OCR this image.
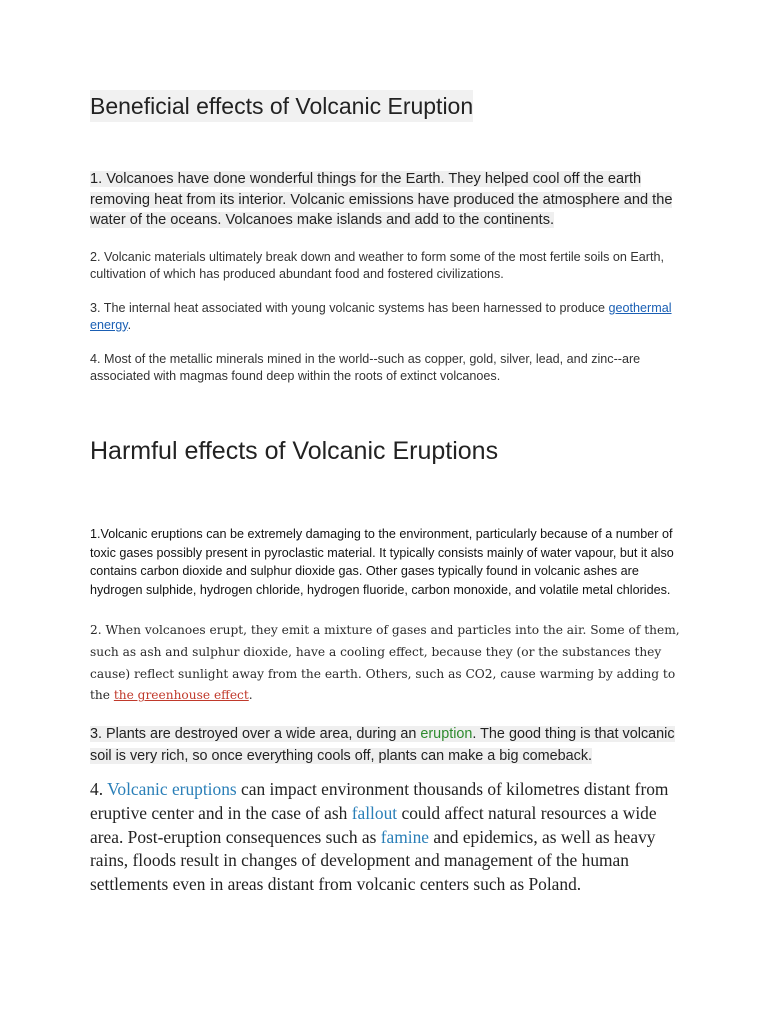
Beneficial effects of Volcanic Eruption

1. Volcanoes have done wonderful things for the Earth. They helped cool off the earth removing heat from its interior. Volcanic emissions have produced the atmosphere and the water of the oceans. Volcanoes make islands and add to the continents.

2. Volcanic materials ultimately break down and weather to form some of the most fertile soils on Earth, cultivation of which has produced abundant food and fostered civilizations.

3. The internal heat associated with young volcanic systems has been harnessed to produce geothermal energy.

4. Most of the metallic minerals mined in the world--such as copper, gold, silver, lead, and zinc--are associated with magmas found deep within the roots of extinct volcanoes.

Harmful effects of Volcanic Eruptions

1.Volcanic eruptions can be extremely damaging to the environment, particularly because of a number of toxic gases possibly present in pyroclastic material. It typically consists mainly of water vapour, but it also contains carbon dioxide and sulphur dioxide gas. Other gases typically found in volcanic ashes are hydrogen sulphide, hydrogen chloride, hydrogen fluoride, carbon monoxide, and volatile metal chlorides.

2. When volcanoes erupt, they emit a mixture of gases and particles into the air. Some of them, such as ash and sulphur dioxide, have a cooling effect, because they (or the substances they cause) reflect sunlight away from the earth. Others, such as CO2, cause warming by adding to the the greenhouse effect.

3. Plants are destroyed over a wide area, during an eruption. The good thing is that volcanic soil is very rich, so once everything cools off, plants can make a big comeback.

4. Volcanic eruptions can impact environment thousands of kilometres distant from eruptive center and in the case of ash fallout could affect natural resources a wide area. Post-eruption consequences such as famine and epidemics, as well as heavy rains, floods result in changes of development and management of the human settlements even in areas distant from volcanic centers such as Poland.
